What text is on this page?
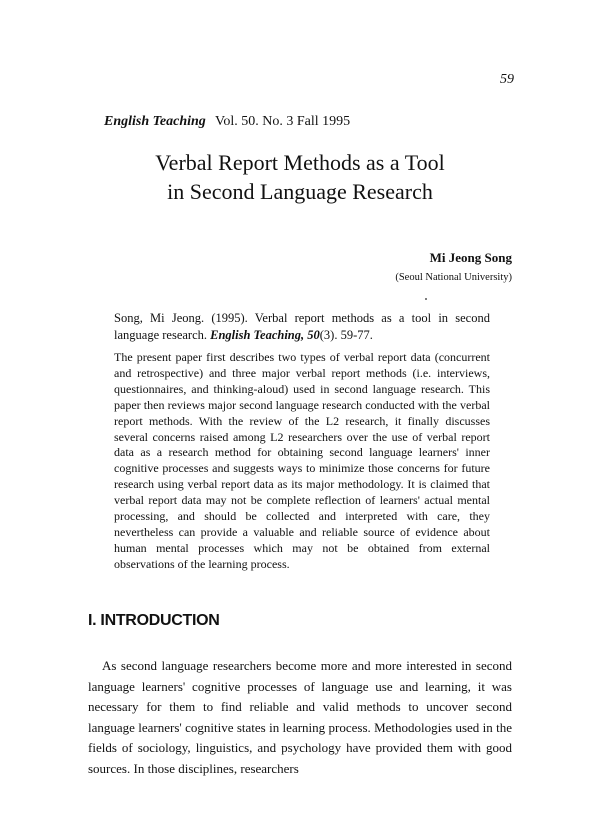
59
English Teaching Vol. 50. No. 3 Fall 1995
Verbal Report Methods as a Tool
in Second Language Research
Mi Jeong Song
(Seoul National University)
Song, Mi Jeong. (1995). Verbal report methods as a tool in second language research. English Teaching, 50(3). 59-77.
The present paper first describes two types of verbal report data (concurrent and retrospective) and three major verbal report methods (i.e. interviews, questionnaires, and thinking-aloud) used in second language research. This paper then reviews major second language research conducted with the verbal report methods. With the review of the L2 research, it finally discusses several concerns raised among L2 researchers over the use of verbal report data as a research method for obtaining second language learners' inner cognitive processes and suggests ways to minimize those concerns for future research using verbal report data as its major methodology. It is claimed that verbal report data may not be complete reflection of learners' actual mental processing, and should be collected and interpreted with care, they nevertheless can provide a valuable and reliable source of evidence about human mental processes which may not be obtained from external observations of the learning process.
I. INTRODUCTION

As second language researchers become more and more interested in second language learners' cognitive processes of language use and learning, it was necessary for them to find reliable and valid methods to uncover second language learners' cognitive states in learning process. Methodologies used in the fields of sociology, linguistics, and psychology have provided them with good sources. In those disciplines, researchers
